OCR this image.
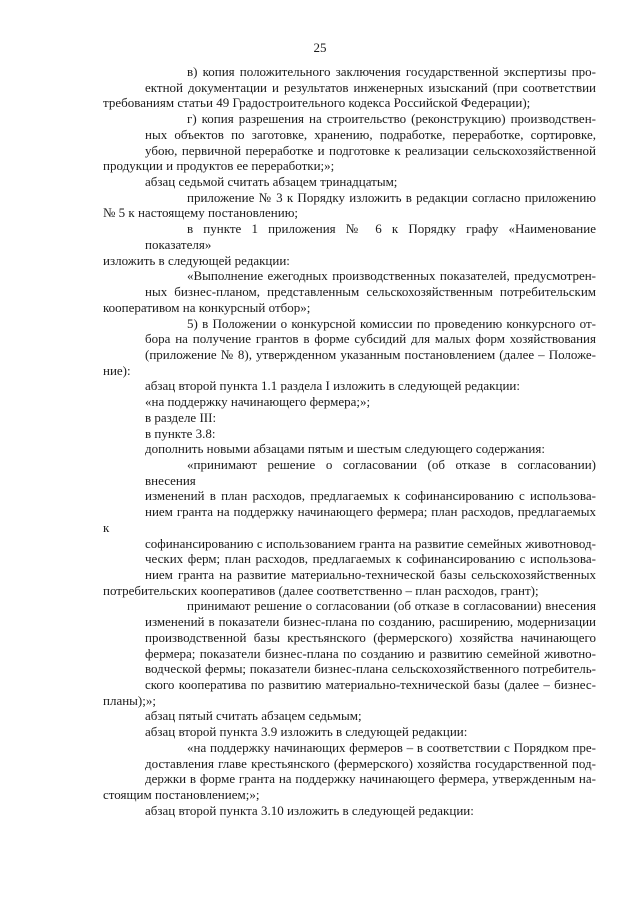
25

в) копия положительного заключения государственной экспертизы про-
ектной документации и результатов инженерных изысканий (при соответствии
требованиям статьи 49 Градостроительного кодекса Российской Федерации);

г) копия разрешения на строительство (реконструкцию) производствен-
ных объектов по заготовке, хранению, подработке, переработке, сортировке,
убою, первичной переработке и подготовке к реализации сельскохозяйственной
продукции и продуктов ее переработки;»;

абзац седьмой считать абзацем тринадцатым;

приложение № 3 к Порядку изложить в редакции согласно приложению
№ 5 к настоящему постановлению;

в пункте 1 приложения № 6 к Порядку графу «Наименование показателя»
изложить в следующей редакции:

«Выполнение ежегодных производственных показателей, предусмотрен-
ных бизнес-планом, представленным сельскохозяйственным потребительским
кооперативом на конкурсный отбор»;

5) в Положении о конкурсной комиссии по проведению конкурсного от-
бора на получение грантов в форме субсидий для малых форм хозяйствования
(приложение № 8), утвержденном указанным постановлением (далее – Положе-
ние):

абзац второй пункта 1.1 раздела I изложить в следующей редакции:

«на поддержку начинающего фермера;»;

в разделе III:

в пункте 3.8:

дополнить новыми абзацами пятым и шестым следующего содержания:

«принимают решение о согласовании (об отказе в согласовании) внесения
изменений в план расходов, предлагаемых к софинансированию с использова-
нием гранта на поддержку начинающего фермера; план расходов, предлагаемых к
софинансированию с использованием гранта на развитие семейных животновод-
ческих ферм; план расходов, предлагаемых к софинансированию с использова-
нием гранта на развитие материально-технической базы сельскохозяйственных
потребительских кооперативов (далее соответственно – план расходов, грант);

принимают решение о согласовании (об отказе в согласовании) внесения
изменений в показатели бизнес-плана по созданию, расширению, модернизации
производственной базы крестьянского (фермерского) хозяйства начинающего
фермера; показатели бизнес-плана по созданию и развитию семейной животно-
водческой фермы; показатели бизнес-плана сельскохозяйственного потребитель-
ского кооператива по развитию материально-технической базы (далее – бизнес-
планы);»;

абзац пятый считать абзацем седьмым;

абзац второй пункта 3.9 изложить в следующей редакции:

«на поддержку начинающих фермеров – в соответствии с Порядком пре-
доставления главе крестьянского (фермерского) хозяйства государственной под-
держки в форме гранта на поддержку начинающего фермера, утвержденным на-
стоящим постановлением;»;

абзац второй пункта 3.10 изложить в следующей редакции:
